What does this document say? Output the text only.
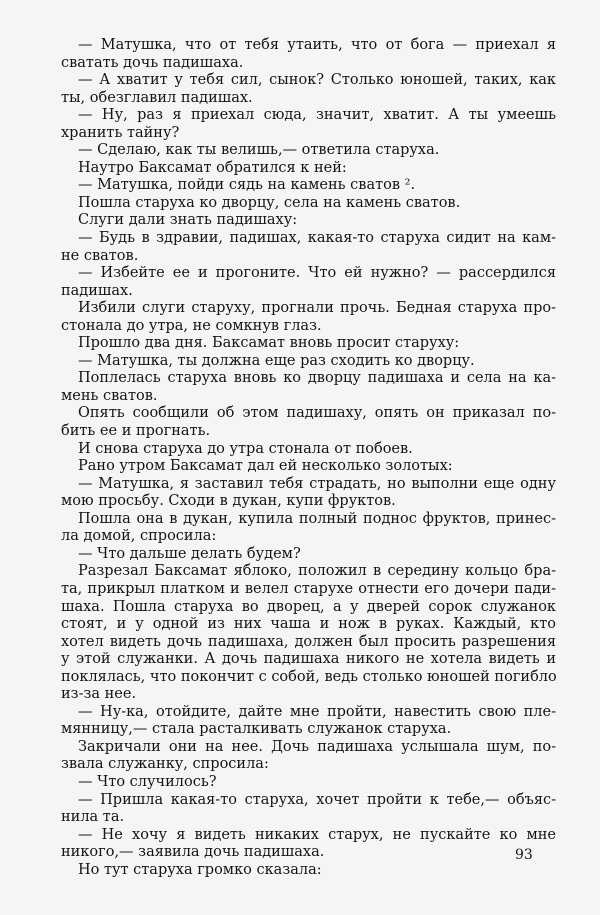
— Матушка, что от тебя утаить, что от бога — приехал я
сватать дочь падишаха.
— А хватит у тебя сил, сынок? Столько юношей, таких, как
ты, обезглавил падишах.
— Ну, раз я приехал сюда, значит, хватит. А ты умеешь
хранить тайну?
— Сделаю, как ты велишь,— ответила старуха.
Наутро Баксамат обратился к ней:
— Матушка, пойди сядь на камень сватов ².
Пошла старуха ко дворцу, села на камень сватов.
Слуги дали знать падишаху:
— Будь в здравии, падишах, какая-то старуха сидит на кам-
не сватов.
— Избейте ее и прогоните. Что ей нужно? — рассердился
падишах.
Избили слуги старуху, прогнали прочь. Бедная старуха про-
стонала до утра, не сомкнув глаз.
Прошло два дня. Баксамат вновь просит старуху:
— Матушка, ты должна еще раз сходить ко дворцу.
Поплелась старуха вновь ко дворцу падишаха и села на ка-
мень сватов.
Опять сообщили об этом падишаху, опять он приказал по-
бить ее и прогнать.
И снова старуха до утра стонала от побоев.
Рано утром Баксамат дал ей несколько золотых:
— Матушка, я заставил тебя страдать, но выполни еще одну
мою просьбу. Сходи в дукан, купи фруктов.
Пошла она в дукан, купила полный поднос фруктов, принес-
ла домой, спросила:
— Что дальше делать будем?
Разрезал Баксамат яблоко, положил в середину кольцо бра-
та, прикрыл платком и велел старухе отнести его дочери пади-
шаха. Пошла старуха во дворец, а у дверей сорок служанок
стоят, и у одной из них чаша и нож в руках. Каждый, кто
хотел видеть дочь падишаха, должен был просить разрешения
у этой служанки. А дочь падишаха никого не хотела видеть и
поклялась, что покончит с собой, ведь столько юношей погибло
из-за нее.
— Ну-ка, отойдите, дайте мне пройти, навестить свою пле-
мянницу,— стала расталкивать служанок старуха.
Закричали они на нее. Дочь падишаха услышала шум, по-
звала служанку, спросила:
— Что случилось?
— Пришла какая-то старуха, хочет пройти к тебе,— объяс-
нила та.
— Не хочу я видеть никаких старух, не пускайте ко мне
никого,— заявила дочь падишаха.
Но тут старуха громко сказала:
93
